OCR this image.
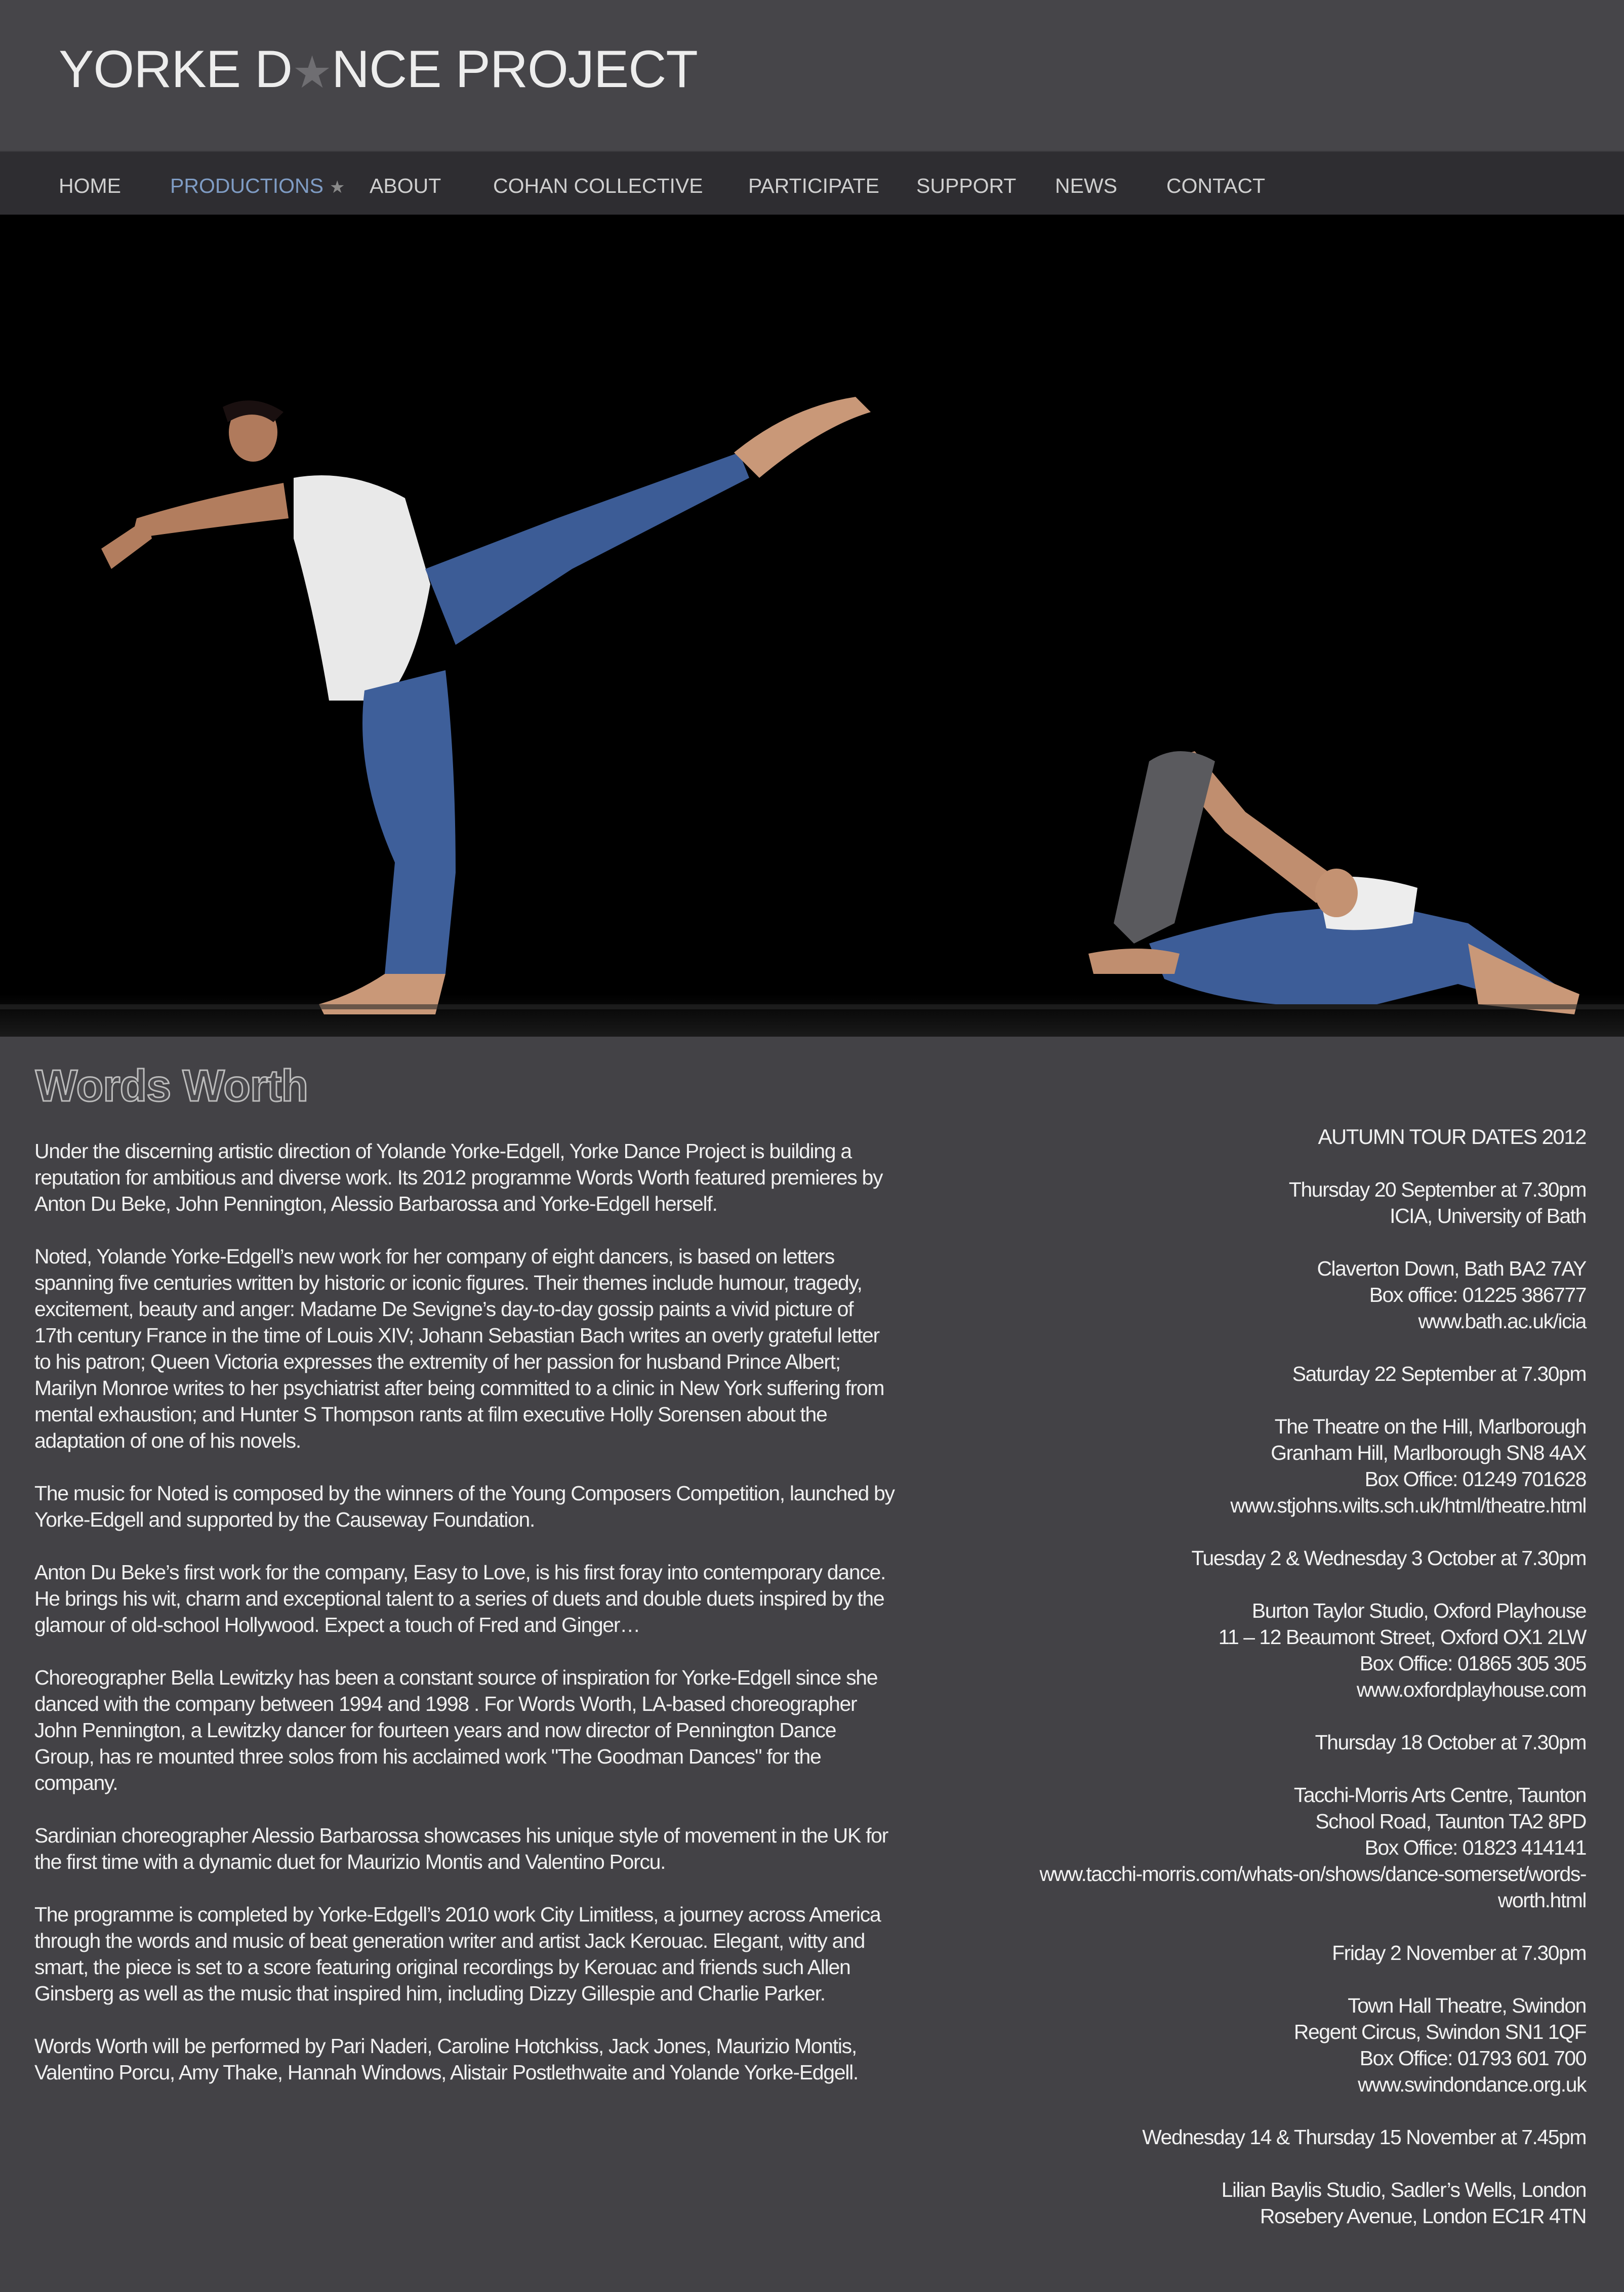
YORKE D★NCE PROJECT
HOME PRODUCTIONS ★ ABOUT	COHAN COLLECTIVE PARTICIPATE SUPPORT NEWS CONTACT
Words Worth

Under the discerning artistic direction of Yolande Yorke-Edgell, Yorke Dance Project is building a reputation for ambitious and diverse work. Its 2012 programme Words Worth featured premieres by Anton Du Beke, John Pennington, Alessio Barbarossa and Yorke-Edgell herself.

Noted, Yolande Yorke-Edgell’s new work for her company of eight dancers, is based on letters spanning five centuries written by historic or iconic figures. Their themes include humour, tragedy, excitement, beauty and anger: Madame De Sevigne’s day-to-day gossip paints a vivid picture of 17th century France in the time of Louis XIV; Johann Sebastian Bach writes an overly grateful letter to his patron; Queen Victoria expresses the extremity of her passion for husband Prince Albert; Marilyn Monroe writes to her psychiatrist after being committed to a clinic in New York suffering from mental exhaustion; and Hunter S Thompson rants at film executive Holly Sorensen about the adaptation of one of his novels.

The music for Noted is composed by the winners of the Young Composers Competition, launched by Yorke-Edgell and supported by the Causeway Foundation.

Anton Du Beke’s first work for the company, Easy to Love, is his first foray into contemporary dance. He brings his wit, charm and exceptional talent to a series of duets and double duets inspired by the glamour of old-school Hollywood. Expect a touch of Fred and Ginger…

Choreographer Bella Lewitzky has been a constant source of inspiration for Yorke-Edgell since she danced with the company between 1994 and 1998 . For Words Worth, LA-based choreographer John Pennington, a Lewitzky dancer for fourteen years and now director of Pennington Dance Group, has re mounted three solos from his acclaimed work "The Goodman Dances" for the company.

Sardinian choreographer Alessio Barbarossa showcases his unique style of movement in the UK for the first time with a dynamic duet for Maurizio Montis and Valentino Porcu.

The programme is completed by Yorke-Edgell’s 2010 work City Limitless, a journey across America through the words and music of beat generation writer and artist Jack Kerouac. Elegant, witty and smart, the piece is set to a score featuring original recordings by Kerouac and friends such Allen Ginsberg as well as the music that inspired him, including Dizzy Gillespie and Charlie Parker.

Words Worth will be performed by Pari Naderi, Caroline Hotchkiss, Jack Jones, Maurizio Montis, Valentino Porcu, Amy Thake, Hannah Windows, Alistair Postlethwaite and Yolande Yorke-Edgell.

AUTUMN TOUR DATES 2012

Thursday 20 September at 7.30pm
ICIA, University of Bath

Claverton Down, Bath BA2 7AY
Box office: 01225 386777
www.bath.ac.uk/icia

Saturday 22 September at 7.30pm

The Theatre on the Hill, Marlborough
Granham Hill, Marlborough SN8 4AX
Box Office: 01249 701628
www.stjohns.wilts.sch.uk/html/theatre.html

Tuesday 2 & Wednesday 3 October at 7.30pm

Burton Taylor Studio, Oxford Playhouse
11 – 12 Beaumont Street, Oxford OX1 2LW
Box Office: 01865 305 305
www.oxfordplayhouse.com

Thursday 18 October at 7.30pm

Tacchi-Morris Arts Centre, Taunton
School Road, Taunton TA2 8PD
Box Office: 01823 414141
www.tacchi-morris.com/whats-on/shows/dance-somerset/words-worth.html

Friday 2 November at 7.30pm

Town Hall Theatre, Swindon
Regent Circus, Swindon SN1 1QF
Box Office: 01793 601 700
www.swindondance.org.uk

Wednesday 14 & Thursday 15 November at 7.45pm

Lilian Baylis Studio, Sadler’s Wells, London
Rosebery Avenue, London EC1R 4TN
